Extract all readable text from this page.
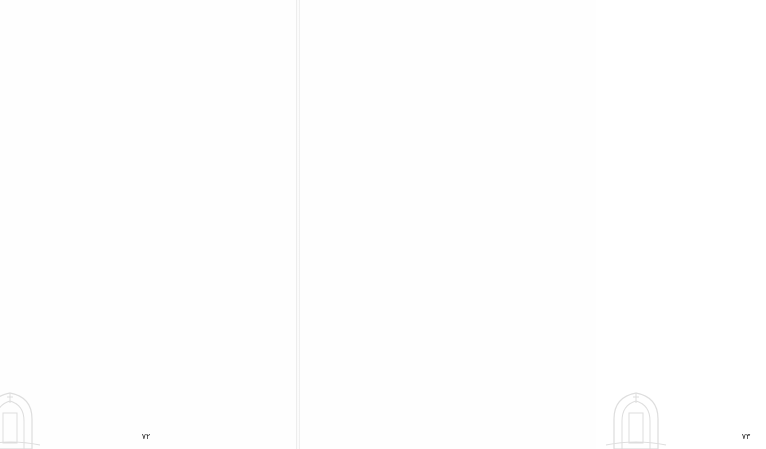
۷۲	۷۳
